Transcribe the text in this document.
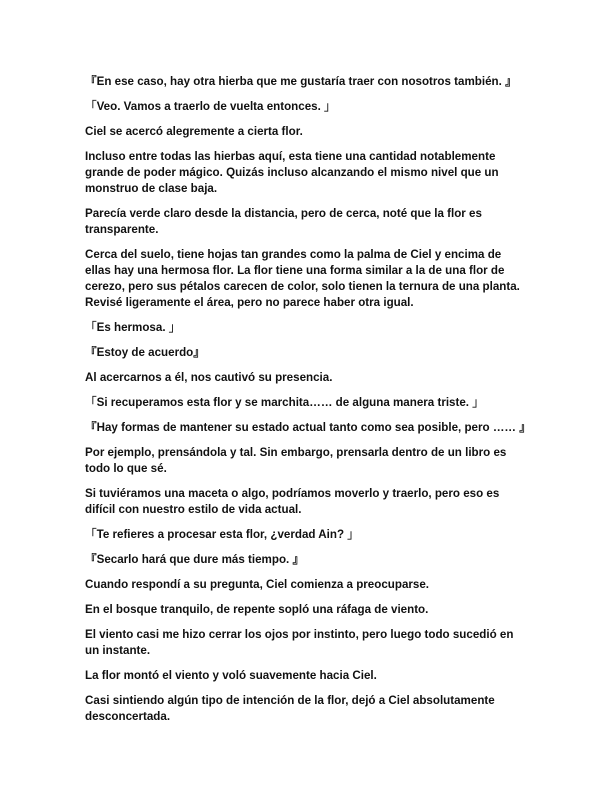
『En ese caso, hay otra hierba que me gustaría traer con nosotros también. 』

「Veo. Vamos a traerlo de vuelta entonces. 」

Ciel se acercó alegremente a cierta flor.

Incluso entre todas las hierbas aquí, esta tiene una cantidad notablemente grande de poder mágico. Quizás incluso alcanzando el mismo nivel que un monstruo de clase baja.

Parecía verde claro desde la distancia, pero de cerca, noté que la flor es transparente.

Cerca del suelo, tiene hojas tan grandes como la palma de Ciel y encima de ellas hay una hermosa flor. La flor tiene una forma similar a la de una flor de cerezo, pero sus pétalos carecen de color, solo tienen la ternura de una planta. Revisé ligeramente el área, pero no parece haber otra igual.

「Es hermosa. 」

『Estoy de acuerdo』

Al acercarnos a él, nos cautivó su presencia.

「Si recuperamos esta flor y se marchita…… de alguna manera triste. 」

『Hay formas de mantener su estado actual tanto como sea posible, pero …… 』

Por ejemplo, prensándola y tal. Sin embargo, prensarla dentro de un libro es todo lo que sé.

Si tuviéramos una maceta o algo, podríamos moverlo y traerlo, pero eso es difícil con nuestro estilo de vida actual.

「Te refieres a procesar esta flor, ¿verdad Ain? 」

『Secarlo hará que dure más tiempo. 』

Cuando respondí a su pregunta, Ciel comienza a preocuparse.

En el bosque tranquilo, de repente sopló una ráfaga de viento.

El viento casi me hizo cerrar los ojos por instinto, pero luego todo sucedió en un instante.

La flor montó el viento y voló suavemente hacia Ciel.

Casi sintiendo algún tipo de intención de la flor, dejó a Ciel absolutamente desconcertada.
